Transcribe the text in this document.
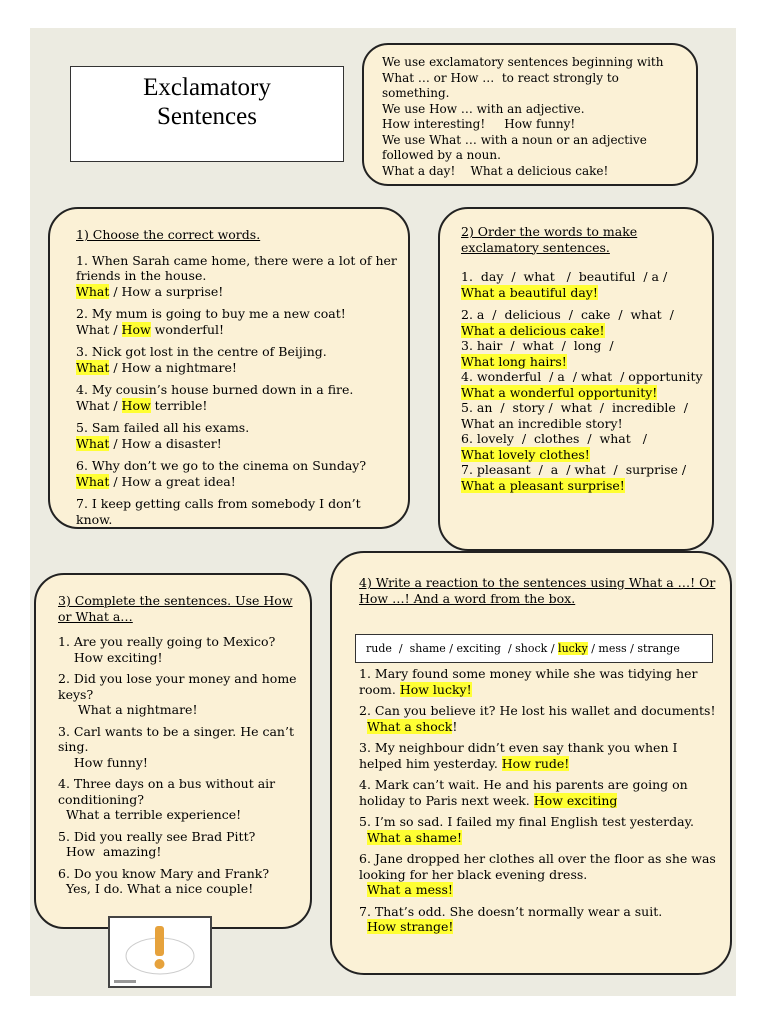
Exclamatory
Sentences
We use exclamatory sentences beginning with
What … or How …  to react strongly to
something.
We use How … with an adjective.
How interesting!     How funny!
We use What … with a noun or an adjective
followed by a noun.
What a day!    What a delicious cake!
1) Choose the correct words.
1. When Sarah came home, there were a lot of her
friends in the house.
What / How a surprise!
2. My mum is going to buy me a new coat!
What / How wonderful!
3. Nick got lost in the centre of Beijing.
What / How a nightmare!
4. My cousin’s house burned down in a fire.
What / How terrible!
5. Sam failed all his exams.
What / How a disaster!
6. Why don’t we go to the cinema on Sunday?
What / How a great idea!
7. I keep getting calls from somebody I don’t
know.
2) Order the words to make
exclamatory sentences.
1.  day  /  what   /  beautiful  / a /
What a beautiful day!
2. a  /  delicious  /  cake  /  what  /
What a delicious cake!
3. hair  /  what  /  long  /
What long hairs!
4. wonderful  / a  / what  / opportunity
What a wonderful opportunity!
5. an  /  story /  what  /  incredible  /
What an incredible story!
6. lovely  /  clothes  /  what   /
What lovely clothes!
7. pleasant  /  a  / what  /  surprise /
What a pleasant surprise!
3) Complete the sentences. Use How
or What a…
1. Are you really going to Mexico?
How exciting!
2. Did you lose your money and home
keys?
What a nightmare!
3. Carl wants to be a singer. He can’t
sing.
How funny!
4. Three days on a bus without air
conditioning?
What a terrible experience!
5. Did you really see Brad Pitt?
How  amazing!
6. Do you know Mary and Frank?
Yes, I do. What a nice couple!
4) Write a reaction to the sentences using What a …! Or
How …! And a word from the box.
1. Mary found some money while she was tidying her
room. How lucky!
2. Can you believe it? He lost his wallet and documents!
What a shock!
3. My neighbour didn’t even say thank you when I
helped him yesterday. How rude!
4. Mark can’t wait. He and his parents are going on
holiday to Paris next week. How exciting
5. I’m so sad. I failed my final English test yesterday.
What a shame!
6. Jane dropped her clothes all over the floor as she was
looking for her black evening dress.
What a mess!
7. That’s odd. She doesn’t normally wear a suit.
How strange!
rude  /  shame / exciting  / shock / lucky / mess / strange
